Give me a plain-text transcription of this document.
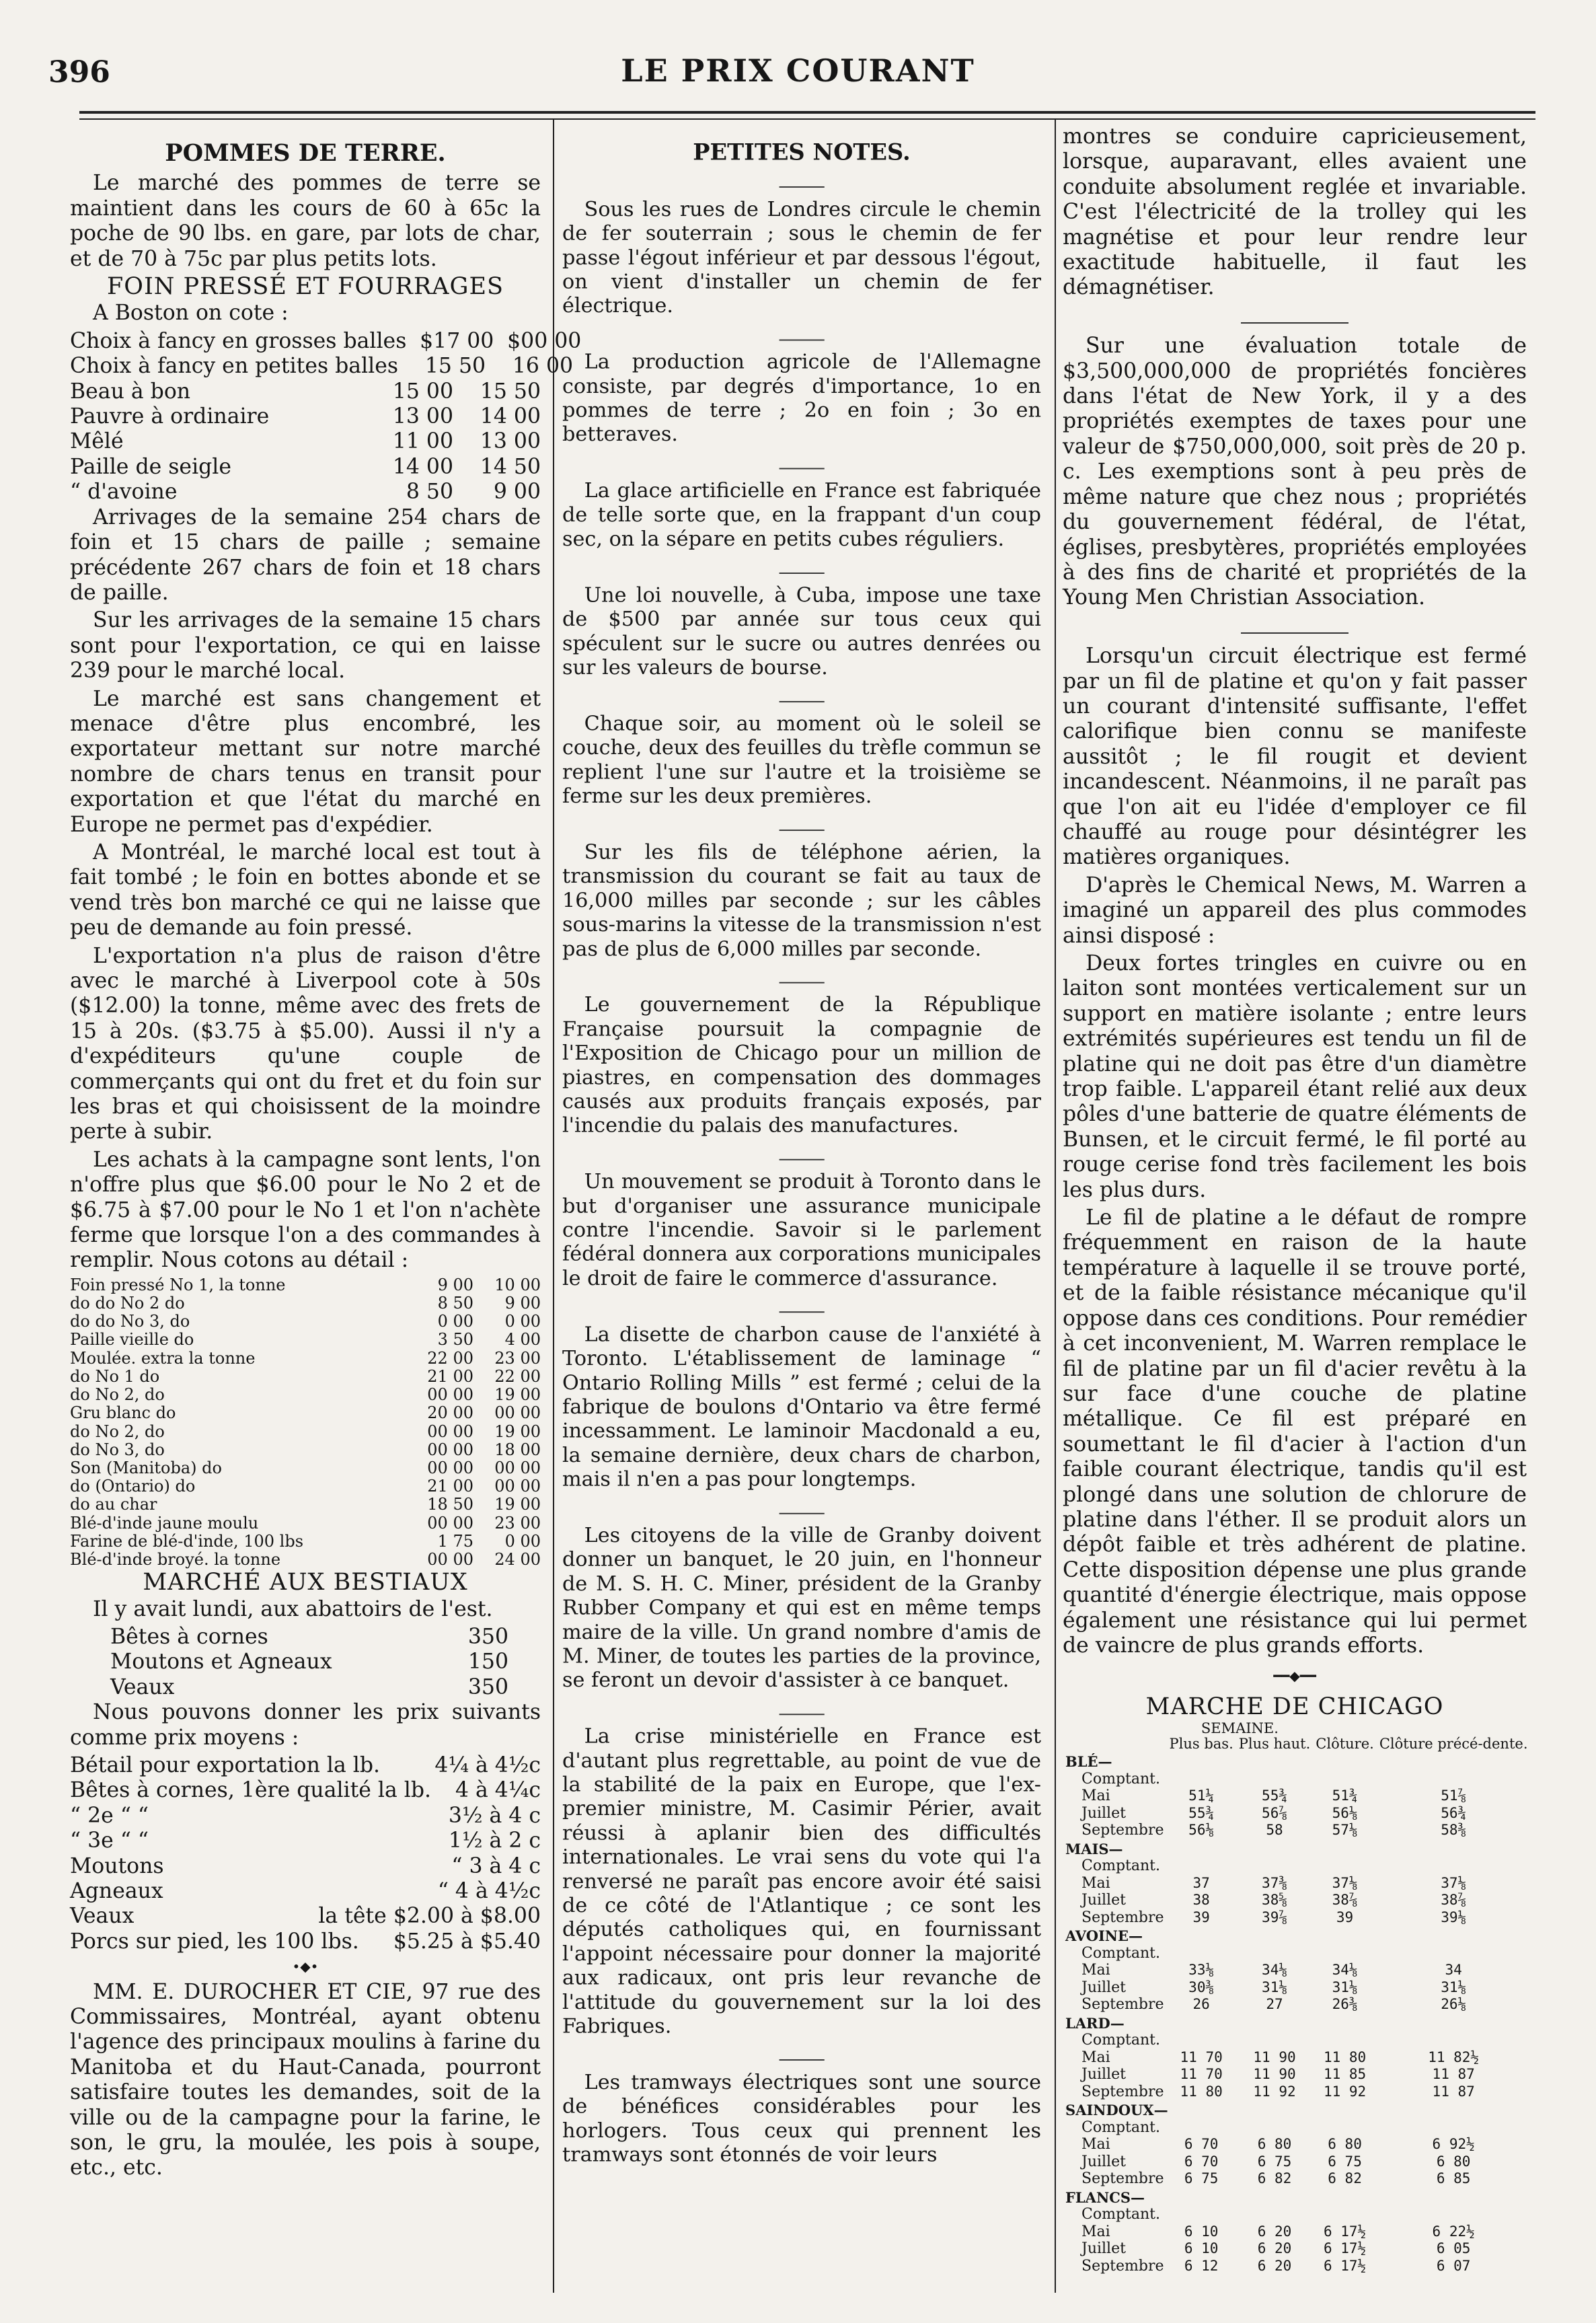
396	LE PRIX COURANT
POMMES DE TERRE.

Le marché des pommes de terre se maintient dans les cours de 60 à 65c la poche de 90 lbs. en gare, par lots de char, et de 70 à 75c par plus petits lots.

FOIN PRESSÉ ET FOURRAGES

A Boston on cote :

Choix à fancy en grosses balles $17 00 $00 00
Choix à fancy en petites balles	15 50	16 00
Beau à bon	15 00	15 50
Pauvre à ordinaire	13 00	14 00
Mêlé	11 00	13 00
Paille de seigle	14 00	14 50
“ d'avoine	8 50	9 00

Arrivages de la semaine 254 chars de foin et 15 chars de paille ; semaine précédente 267 chars de foin et 18 chars de paille.

Sur les arrivages de la semaine 15 chars sont pour l'exportation, ce qui en laisse 239 pour le marché local.

Le marché est sans changement et menace d'être plus encombré, les exportateur mettant sur notre marché nombre de chars tenus en transit pour exportation et que l'état du marché en Europe ne permet pas d'expédier.

A Montréal, le marché local est tout à fait tombé ; le foin en bottes abonde et se vend très bon marché ce qui ne laisse que peu de demande au foin pressé.

L'exportation n'a plus de raison d'être avec le marché à Liverpool cote à 50s ($12.00) la tonne, même avec des frets de 15 à 20s. ($3.75 à $5.00). Aussi il n'y a d'expéditeurs qu'une couple de commerçants qui ont du fret et du foin sur les bras et qui choisissent de la moindre perte à subir.

Les achats à la campagne sont lents, l'on n'offre plus que $6.00 pour le No 2 et de $6.75 à $7.00 pour le No 1 et l'on n'achète ferme que lorsque l'on a des commandes à remplir. Nous cotons au détail :

Foin pressé No 1, la tonne	9 00	10 00
do do No 2 do	8 50	9 00
do do No 3, do	0 00	0 00
Paille vieille do	3 50	4 00
Moulée. extra la tonne	22 00	23 00
do No 1 do	21 00	22 00
do No 2, do	00 00	19 00
Gru blanc do	20 00	00 00
do No 2, do	00 00	19 00
do No 3, do	00 00	18 00
Son (Manitoba) do	00 00	00 00
do (Ontario) do	21 00	00 00
do au char	18 50	19 00
Blé-d'inde jaune moulu	00 00	23 00
Farine de blé-d'inde, 100 lbs	1 75	0 00
Blé-d'inde broyé. la tonne	00 00	24 00
MARCHÉ AUX BESTIAUX

Il y avait lundi, aux abattoirs de l'est.

Bêtes à cornes	350
Moutons et Agneaux	150
Veaux	350

Nous pouvons donner les prix suivants comme prix moyens :

Bétail pour exportation la lb.	4¼ à 4½c
Bêtes à cornes, 1ère qualité la lb.	4 à 4¼c
“ 2e “ “	3½ à 4 c
“ 3e “ “	1½ à 2 c
Moutons	“ 3 à 4 c
Agneaux	“ 4 à 4½c
Veaux	la tête $2.00 à $8.00
Porcs sur pied, les 100 lbs.	$5.25 à $5.40
•◆•

MM. E. DUROCHER ET CIE, 97 rue des Commissaires, Montréal, ayant obtenu l'agence des principaux moulins à farine du Manitoba et du Haut-Canada, pourront satisfaire toutes les demandes, soit de la ville ou de la campagne pour la farine, le son, le gru, la moulée, les pois à soupe, etc., etc.

PETITES NOTES.

Sous les rues de Londres circule le chemin de fer souterrain ; sous le chemin de fer passe l'égout inférieur et par dessous l'égout, on vient d'installer un chemin de fer électrique.

La production agricole de l'Allemagne consiste, par degrés d'importance, 1o en pommes de terre ; 2o en foin ; 3o en betteraves.

La glace artificielle en France est fabriquée de telle sorte que, en la frappant d'un coup sec, on la sépare en petits cubes réguliers.

Une loi nouvelle, à Cuba, impose une taxe de $500 par année sur tous ceux qui spéculent sur le sucre ou autres denrées ou sur les valeurs de bourse.

Chaque soir, au moment où le soleil se couche, deux des feuilles du trèfle commun se replient l'une sur l'autre et la troisième se ferme sur les deux premières.

Sur les fils de téléphone aérien, la transmission du courant se fait au taux de 16,000 milles par seconde ; sur les câbles sous-marins la vitesse de la transmission n'est pas de plus de 6,000 milles par seconde.

Le gouvernement de la République Française poursuit la compagnie de l'Exposition de Chicago pour un million de piastres, en compensation des dommages causés aux produits français exposés, par l'incendie du palais des manufactures.

Un mouvement se produit à Toronto dans le but d'organiser une assurance municipale contre l'incendie. Savoir si le parlement fédéral donnera aux corporations municipales le droit de faire le commerce d'assurance.

La disette de charbon cause de l'anxiété à Toronto. L'établissement de laminage “ Ontario Rolling Mills ” est fermé ; celui de la fabrique de boulons d'Ontario va être fermé incessamment. Le laminoir Macdonald a eu, la semaine dernière, deux chars de charbon, mais il n'en a pas pour longtemps.

Les citoyens de la ville de Granby doivent donner un banquet, le 20 juin, en l'honneur de M. S. H. C. Miner, président de la Granby Rubber Company et qui est en même temps maire de la ville. Un grand nombre d'amis de M. Miner, de toutes les parties de la province, se feront un devoir d'assister à ce banquet.

La crise ministérielle en France est d'autant plus regrettable, au point de vue de la stabilité de la paix en Europe, que l'ex-premier ministre, M. Casimir Périer, avait réussi à aplanir bien des difficultés internationales. Le vrai sens du vote qui l'a renversé ne paraît pas encore avoir été saisi de ce côté de l'Atlantique ; ce sont les députés catholiques qui, en fournissant l'appoint nécessaire pour donner la majorité aux radicaux, ont pris leur revanche de l'attitude du gouvernement sur la loi des Fabriques.

Les tramways électriques sont une source de bénéfices considérables pour les horlogers. Tous ceux qui prennent les tramways sont étonnés de voir leurs

montres se conduire capricieusement, lorsque, auparavant, elles avaient une conduite absolument reglée et invariable. C'est l'électricité de la trolley qui les magnétise et pour leur rendre leur exactitude habituelle, il faut les démagnétiser.

Sur une évaluation totale de $3,500,000,000 de propriétés foncières dans l'état de New York, il y a des propriétés exemptes de taxes pour une valeur de $750,000,000, soit près de 20 p. c. Les exemptions sont à peu près de même nature que chez nous ; propriétés du gouvernement fédéral, de l'état, églises, presbytères, propriétés employées à des fins de charité et propriétés de la Young Men Christian Association.

Lorsqu'un circuit électrique est fermé par un fil de platine et qu'on y fait passer un courant d'intensité suffisante, l'effet calorifique bien connu se manifeste aussitôt ; le fil rougit et devient incandescent. Néanmoins, il ne paraît pas que l'on ait eu l'idée d'employer ce fil chauffé au rouge pour désintégrer les matières organiques.

D'après le Chemical News, M. Warren a imaginé un appareil des plus commodes ainsi disposé :

Deux fortes tringles en cuivre ou en laiton sont montées verticalement sur un support en matière isolante ; entre leurs extrémités supérieures est tendu un fil de platine qui ne doit pas être d'un diamètre trop faible. L'appareil étant relié aux deux pôles d'une batterie de quatre éléments de Bunsen, et le circuit fermé, le fil porté au rouge cerise fond très facilement les bois les plus durs.

Le fil de platine a le défaut de rompre fréquemment en raison de la haute température à laquelle il se trouve porté, et de la faible résistance mécanique qu'il oppose dans ces conditions. Pour remédier à cet inconvenient, M. Warren remplace le fil de platine par un fil d'acier revêtu à la sur face d'une couche de platine métallique. Ce fil est préparé en soumettant le fil d'acier à l'action d'un faible courant électrique, tandis qu'il est plongé dans une solution de chlorure de platine dans l'éther. Il se produit alors un dépôt faible et très adhérent de platine. Cette disposition dépense une plus grande quantité d'énergie électrique, mais oppose également une résistance qui lui permet de vaincre de plus grands efforts.

━━◆━━
MARCHE DE CHICAGO
	SEMAINE.			
	Plus bas.	Plus haut.	Clôture.	Clôture précé-dente.
BLÉ—				
Comptant.				
Mai	51¼	55¾	51¾	51⅞
Juillet	55¾	56⅞	56⅛	56¾
Septembre	56⅛	58	57⅛	58⅜
MAIS—				
Comptant.				
Mai	37	37⅜	37⅛	37⅛
Juillet	38	38⅝	38⅞	38⅞
Septembre	39	39⅞	39	39⅛
AVOINE—				
Comptant.				
Mai	33⅛	34⅛	34⅛	34
Juillet	30⅜	31⅛	31⅛	31⅛
Septembre	26	27	26⅜	26⅛
LARD—				
Comptant.				
Mai	11 70	11 90	11 80	11 82½
Juillet	11 70	11 90	11 85	11 87
Septembre	11 80	11 92	11 92	11 87
SAINDOUX—				
Comptant.				
Mai	6 70	6 80	6 80	6 92½
Juillet	6 70	6 75	6 75	6 80
Septembre	6 75	6 82	6 82	6 85
FLANCS—				
Comptant.				
Mai	6 10	6 20	6 17½	6 22½
Juillet	6 10	6 20	6 17½	6 05
Septembre	6 12	6 20	6 17½	6 07
